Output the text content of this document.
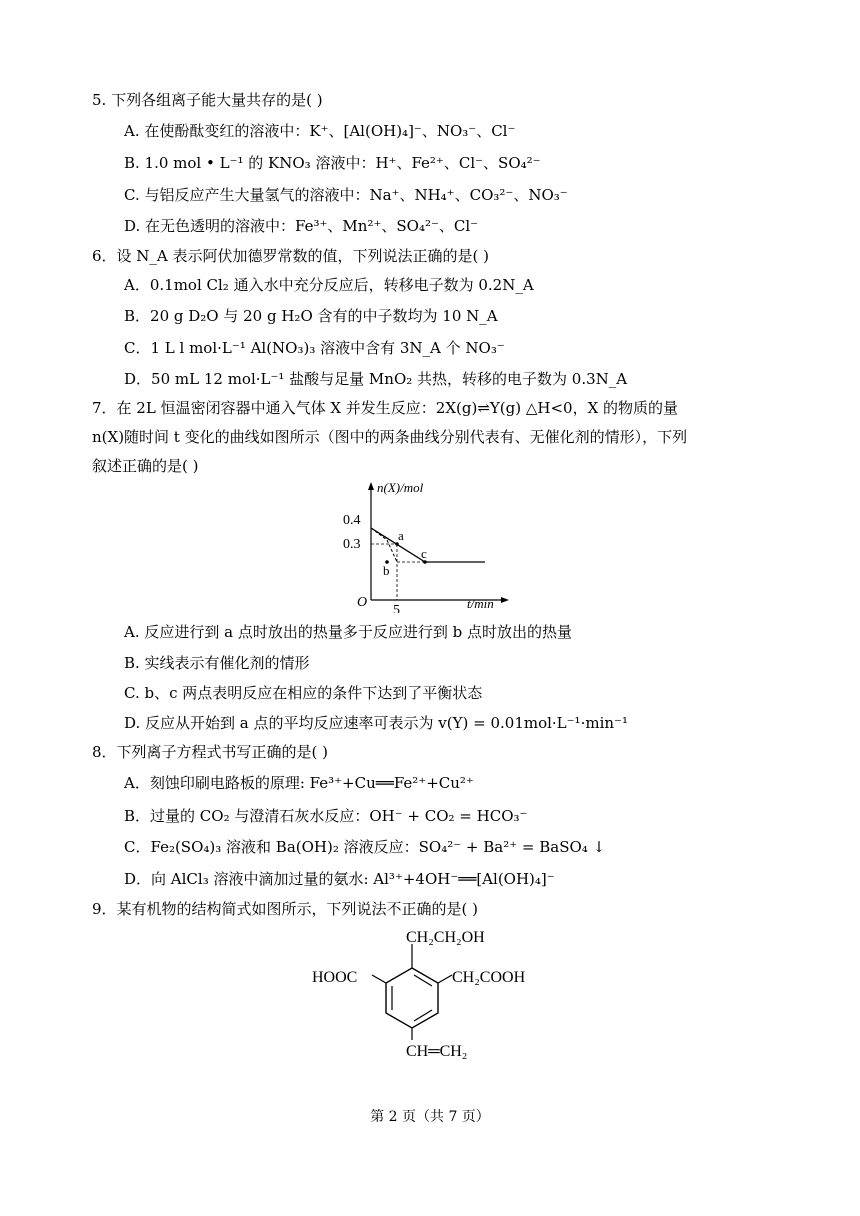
5. 下列各组离子能大量共存的是( )
A. 在使酚酞变红的溶液中：K⁺、[Al(OH)₄]⁻、NO₃⁻、Cl⁻
B. 1.0 mol • L⁻¹ 的 KNO₃ 溶液中：H⁺、Fe²⁺、Cl⁻、SO₄²⁻
C. 与铝反应产生大量氢气的溶液中：Na⁺、NH₄⁺、CO₃²⁻、NO₃⁻
D. 在无色透明的溶液中：Fe³⁺、Mn²⁺、SO₄²⁻、Cl⁻
6．设 N_A 表示阿伏加德罗常数的值，下列说法正确的是( )
A．0.1mol Cl₂ 通入水中充分反应后，转移电子数为 0.2N_A
B．20 g D₂O 与 20 g H₂O 含有的中子数均为 10 N_A
C．1 L l mol·L⁻¹ Al(NO₃)₃ 溶液中含有 3N_A 个 NO₃⁻
D．50 mL 12 mol·L⁻¹ 盐酸与足量 MnO₂ 共热，转移的电子数为 0.3N_A
7．在 2L 恒温密闭容器中通入气体 X 并发生反应：2X(g)⇌Y(g) △H<0，X 的物质的量
n(X)随时间 t 变化的曲线如图所示（图中的两条曲线分别代表有、无催化剂的情形），下列
叙述正确的是( )
n(X)/mol
t/min
O
0.4
0.3
5
a
b
c
A. 反应进行到 a 点时放出的热量多于反应进行到 b 点时放出的热量
B. 实线表示有催化剂的情形
C. b、c 两点表明反应在相应的条件下达到了平衡状态
D. 反应从开始到 a 点的平均反应速率可表示为 v(Y) = 0.01mol·L⁻¹·min⁻¹
8．下列离子方程式书写正确的是( )
A．刻蚀印刷电路板的原理: Fe³⁺+Cu══Fe²⁺+Cu²⁺
B．过量的 CO₂ 与澄清石灰水反应：OH⁻ + CO₂ = HCO₃⁻
C．Fe₂(SO₄)₃ 溶液和 Ba(OH)₂ 溶液反应：SO₄²⁻ + Ba²⁺ = BaSO₄ ↓
D．向 AlCl₃ 溶液中滴加过量的氨水: Al³⁺+4OH⁻══[Al(OH)₄]⁻
9．某有机物的结构简式如图所示，下列说法不正确的是( )
CH₂CH₂OH
HOOC	CH₂COOH
CH═CH₂
第 2 页（共 7 页）
